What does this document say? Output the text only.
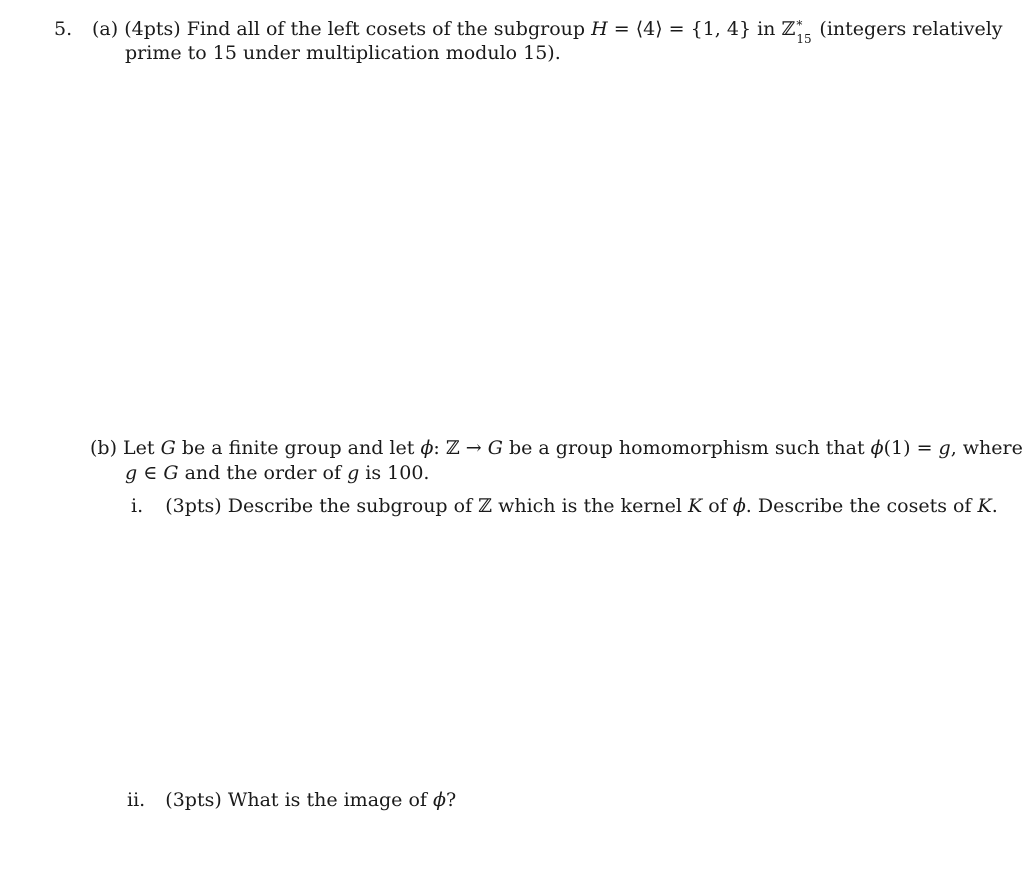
5. (a) (4pts) Find all of the left cosets of the subgroup H = ⟨4⟩ = {1, 4} in ℤ *
15 (integers relatively
prime to 15 under multiplication modulo 15).
(b) Let G be a finite group and let ϕ: ℤ → G be a group homomorphism such that ϕ(1) = g, where
g ∈ G and the order of g is 100.
i. (3pts) Describe the subgroup of ℤ which is the kernel K of ϕ. Describe the cosets of K.
ii. (3pts) What is the image of ϕ?
